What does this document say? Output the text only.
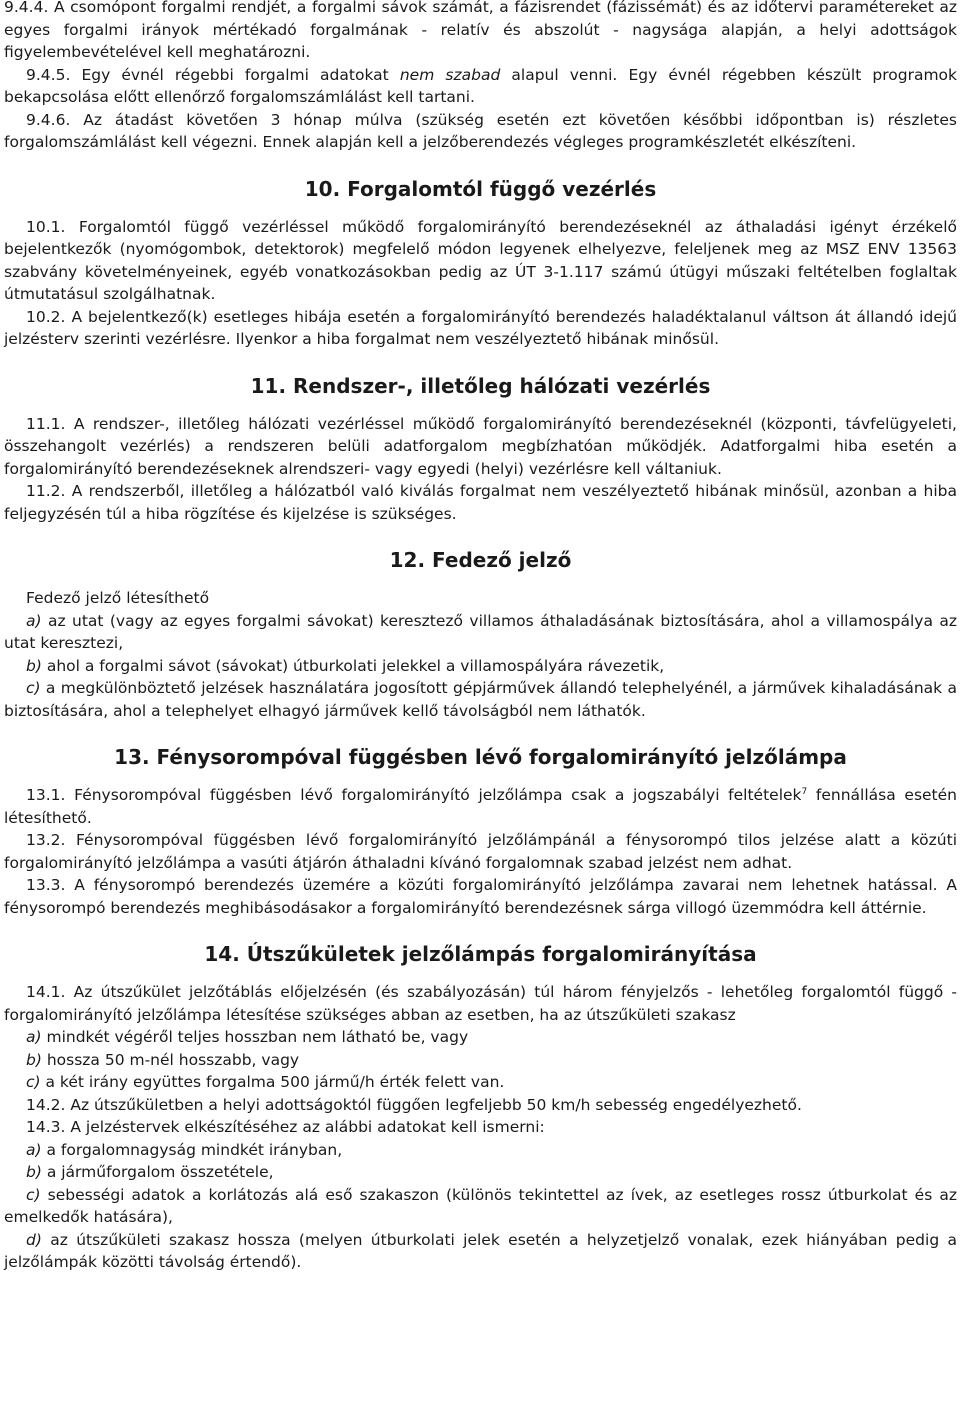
9.4.4. A csomópont forgalmi rendjét, a forgalmi sávok számát, a fázisrendet (fázissémát) és az időtervi paramétereket az egyes forgalmi irányok mértékadó forgalmának - relatív és abszolút - nagysága alapján, a helyi adottságok figyelembevételével kell meghatározni.

9.4.5. Egy évnél régebbi forgalmi adatokat nem szabad alapul venni. Egy évnél régebben készült programok bekapcsolása előtt ellenőrző forgalomszámlálást kell tartani.

9.4.6. Az átadást követően 3 hónap múlva (szükség esetén ezt követően későbbi időpontban is) részletes forgalomszámlálást kell végezni. Ennek alapján kell a jelzőberendezés végleges programkészletét elkészíteni.

10. Forgalomtól függő vezérlés

10.1. Forgalomtól függő vezérléssel működő forgalomirányító berendezéseknél az áthaladási igényt érzékelő bejelentkezők (nyomógombok, detektorok) megfelelő módon legyenek elhelyezve, feleljenek meg az MSZ ENV 13563 szabvány követelményeinek, egyéb vonatkozásokban pedig az ÚT 3-1.117 számú útügyi műszaki feltételben foglaltak útmutatásul szolgálhatnak.

10.2. A bejelentkező(k) esetleges hibája esetén a forgalomirányító berendezés haladéktalanul váltson át állandó idejű jelzésterv szerinti vezérlésre. Ilyenkor a hiba forgalmat nem veszélyeztető hibának minősül.

11. Rendszer-, illetőleg hálózati vezérlés

11.1. A rendszer-, illetőleg hálózati vezérléssel működő forgalomirányító berendezéseknél (központi, távfelügyeleti, összehangolt vezérlés) a rendszeren belüli adatforgalom megbízhatóan működjék. Adatforgalmi hiba esetén a forgalomirányító berendezéseknek alrendszeri- vagy egyedi (helyi) vezérlésre kell váltaniuk.

11.2. A rendszerből, illetőleg a hálózatból való kiválás forgalmat nem veszélyeztető hibának minősül, azonban a hiba feljegyzésén túl a hiba rögzítése és kijelzése is szükséges.

12. Fedező jelző

Fedező jelző létesíthető

a) az utat (vagy az egyes forgalmi sávokat) keresztező villamos áthaladásának biztosítására, ahol a villamospálya az utat keresztezi,

b) ahol a forgalmi sávot (sávokat) útburkolati jelekkel a villamospályára rávezetik,

c) a megkülönböztető jelzések használatára jogosított gépjárművek állandó telephelyénél, a járművek kihaladásának a biztosítására, ahol a telephelyet elhagyó járművek kellő távolságból nem láthatók.

13. Fénysorompóval függésben lévő forgalomirányító jelzőlámpa

13.1. Fénysorompóval függésben lévő forgalomirányító jelzőlámpa csak a jogszabályi feltételek$^7$ fennállása esetén létesíthető.

13.2. Fénysorompóval függésben lévő forgalomirányító jelzőlámpánál a fénysorompó tilos jelzése alatt a közúti forgalomirányító jelzőlámpa a vasúti átjárón áthaladni kívánó forgalomnak szabad jelzést nem adhat.

13.3. A fénysorompó berendezés üzemére a közúti forgalomirányító jelzőlámpa zavarai nem lehetnek hatással. A fénysorompó berendezés meghibásodásakor a forgalomirányító berendezésnek sárga villogó üzemmódra kell áttérnie.

14. Útszűkületek jelzőlámpás forgalomirányítása

14.1. Az útszűkület jelzőtáblás előjelzésén (és szabályozásán) túl három fényjelzős - lehetőleg forgalomtól függő - forgalomirányító jelzőlámpa létesítése szükséges abban az esetben, ha az útszűkületi szakasz

a) mindkét végéről teljes hosszban nem látható be, vagy

b) hossza 50 m-nél hosszabb, vagy

c) a két irány együttes forgalma 500 jármű/h érték felett van.

14.2. Az útszűkületben a helyi adottságoktól függően legfeljebb 50 km/h sebesség engedélyezhető.

14.3. A jelzéstervek elkészítéséhez az alábbi adatokat kell ismerni:

a) a forgalomnagyság mindkét irányban,

b) a járműforgalom összetétele,

c) sebességi adatok a korlátozás alá eső szakaszon (különös tekintettel az ívek, az esetleges rossz útburkolat és az emelkedők hatására),

d) az útszűkületi szakasz hossza (melyen útburkolati jelek esetén a helyzetjelző vonalak, ezek hiányában pedig a jelzőlámpák közötti távolság értendő).
